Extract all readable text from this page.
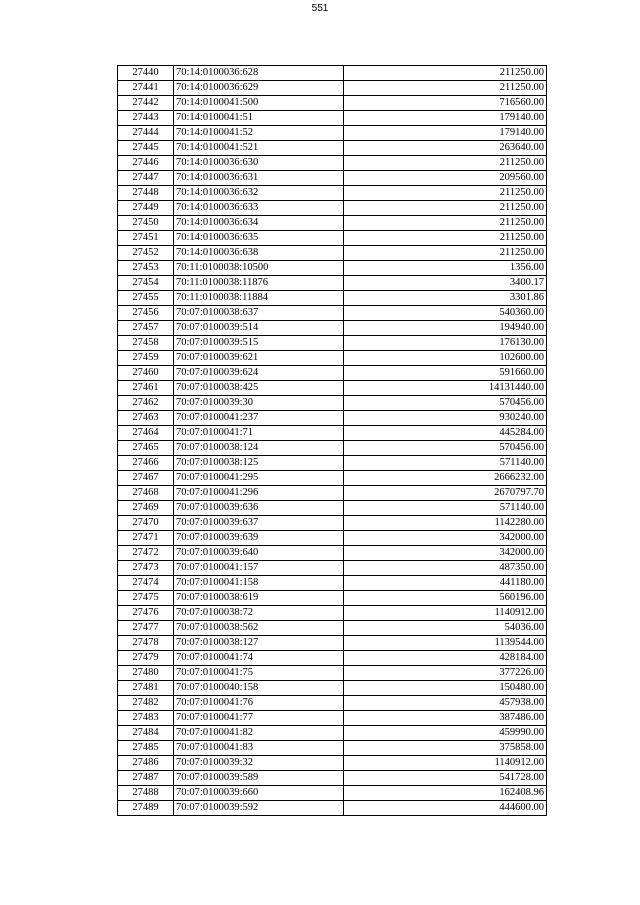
551
27440	70:14:0100036:628	211250.00
27441	70:14:0100036:629	211250.00
27442	70:14:0100041:500	716560.00
27443	70:14:0100041:51	179140.00
27444	70:14:0100041:52	179140.00
27445	70:14:0100041:521	263640.00
27446	70:14:0100036:630	211250.00
27447	70:14:0100036:631	209560.00
27448	70:14:0100036:632	211250.00
27449	70:14:0100036:633	211250.00
27450	70:14:0100036:634	211250.00
27451	70:14:0100036:635	211250.00
27452	70:14:0100036:638	211250.00
27453	70:11:0100038:10500	1356.00
27454	70:11:0100038:11876	3400.17
27455	70:11:0100038:11884	3301.86
27456	70:07:0100038:637	540360.00
27457	70:07:0100039:514	194940.00
27458	70:07:0100039:515	176130.00
27459	70:07:0100039:621	102600.00
27460	70:07:0100039:624	591660.00
27461	70:07:0100038:425	14131440.00
27462	70:07:0100039:30	570456.00
27463	70:07:0100041:237	930240.00
27464	70:07:0100041:71	445284.00
27465	70:07:0100038:124	570456.00
27466	70:07:0100038:125	571140.00
27467	70:07:0100041:295	2666232.00
27468	70:07:0100041:296	2670797.70
27469	70:07:0100039:636	571140.00
27470	70:07:0100039:637	1142280.00
27471	70:07:0100039:639	342000.00
27472	70:07:0100039:640	342000.00
27473	70:07:0100041:157	487350.00
27474	70:07:0100041:158	441180.00
27475	70:07:0100038:619	560196.00
27476	70:07:0100038:72	1140912.00
27477	70:07:0100038:562	54036.00
27478	70:07:0100038:127	1139544.00
27479	70:07:0100041:74	428184.00
27480	70:07:0100041:75	377226.00
27481	70:07:0100040:158	150480.00
27482	70:07:0100041:76	457938.00
27483	70:07:0100041:77	387486.00
27484	70:07:0100041:82	459990.00
27485	70:07:0100041:83	375858.00
27486	70:07:0100039:32	1140912.00
27487	70:07:0100039:589	541728.00
27488	70:07:0100039:660	162408.96
27489	70:07:0100039:592	444600.00
